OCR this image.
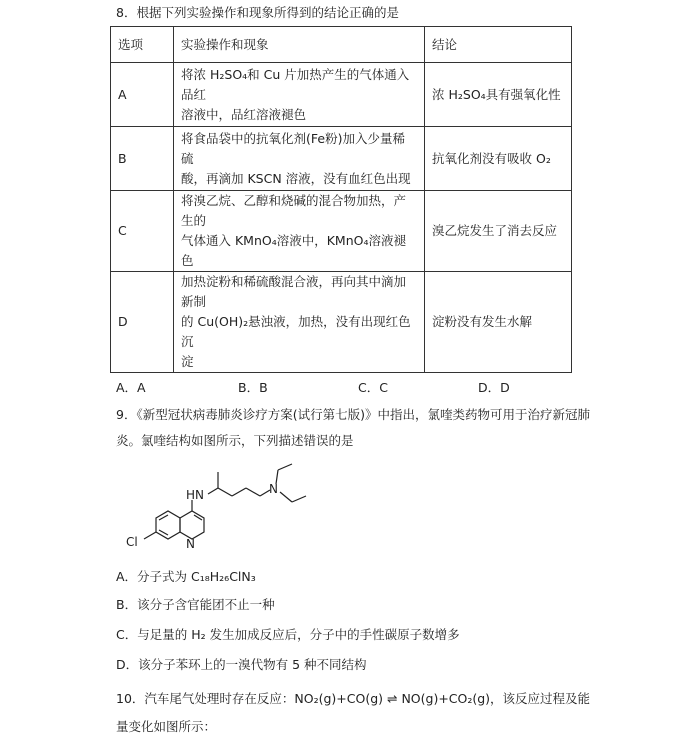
8．根据下列实验操作和现象所得到的结论正确的是
选项	实验操作和现象	结论
A	将浓 H₂SO₄和 Cu 片加热产生的气体通入品红
溶液中，品红溶液褪色	浓 H₂SO₄具有强氧化性
B	将食品袋中的抗氧化剂(Fe粉)加入少量稀硫
酸，再滴加 KSCN 溶液，没有血红色出现	抗氧化剂没有吸收 O₂
C	将溴乙烷、乙醇和烧碱的混合物加热，产生的
气体通入 KMnO₄溶液中，KMnO₄溶液褪色	溴乙烷发生了消去反应
D	加热淀粉和稀硫酸混合液，再向其中滴加新制
的 Cu(OH)₂悬浊液，加热，没有出现红色沉
淀	淀粉没有发生水解
A．A	B．B	C．C	D．D
9．《新型冠状病毒肺炎诊疗方案(试行第七版)》中指出，氯喹类药物可用于治疗新冠肺
炎。氯喹结构如图所示，下列描述错误的是
HN	N
Cl	N
A．分子式为 C₁₈H₂₆ClN₃
B．该分子含官能团不止一种
C．与足量的 H₂ 发生加成反应后，分子中的手性碳原子数增多
D．该分子苯环上的一溴代物有 5 种不同结构
10．汽车尾气处理时存在反应：NO₂(g)+CO(g) ⇌ NO(g)+CO₂(g)，该反应过程及能
量变化如图所示：
